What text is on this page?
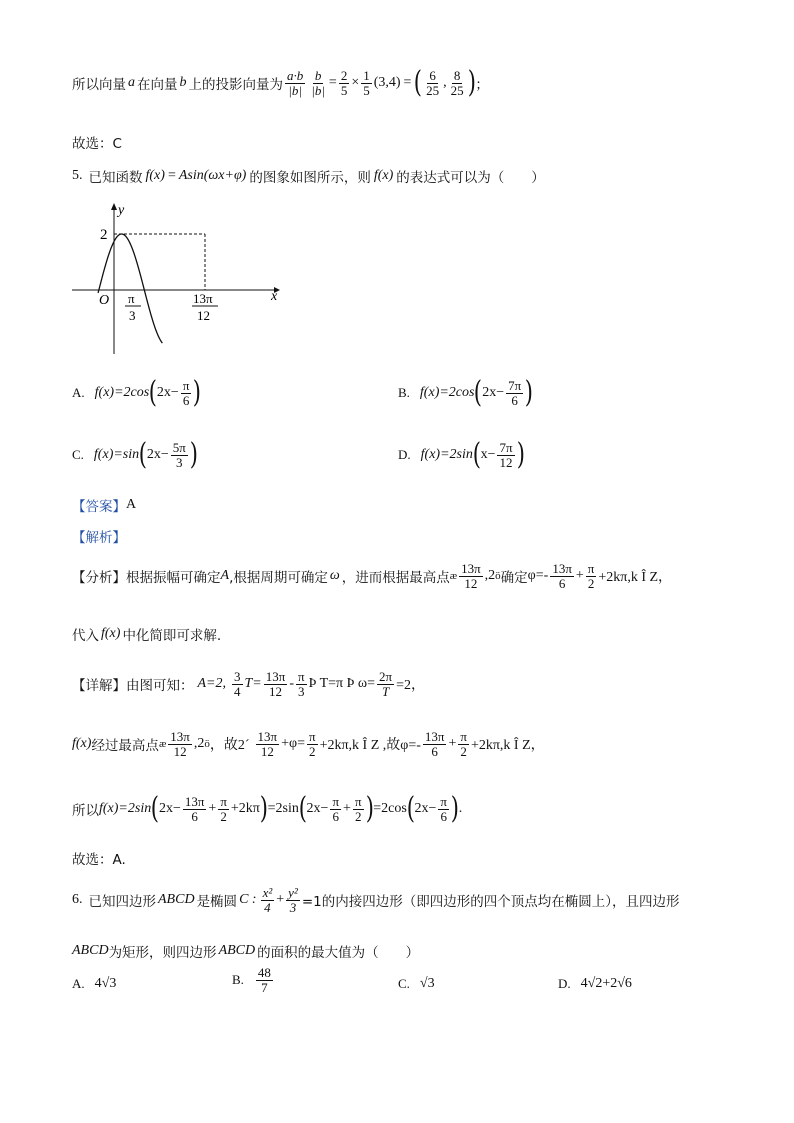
所以向量 a 在向量 b 上的投影向量为 $\frac{a\cdot b}{|b|} \frac{b}{|b|} = \frac{2}{5} \times \frac{1}{5} (3,4)$ = ( $\frac{6}{25}$ , $\frac{8}{25}$ ) ；
故选：C
5. 已知函数 f(x) = Asin(ωx+φ) 的图象如图所示，则 f(x) 的表达式可以为（　　）
y
x
O
2
π
3
13π
12
A. f(x)=2cos ( $2x- \frac{\pi}{6}$ )	B. f(x)=2cos ( $2x- \frac{7\pi}{6}$ )
C. f(x)=sin ( $2x- \frac{5\pi}{3}$ )	D. f(x)=2sin ( $x- \frac{7\pi}{12}$ )
【答案】 A
【解析】
【分析】 根据振幅可确定 A ,根据周期可确定 ω ，进而根据最高点 æ $\frac{13\pi}{12} ,2$ ö 确定 $\varphi=- \frac{13\pi}{6} + \frac{\pi}{2} +2k\pi,k$ Î Z，
代入 f(x) 中化简即可求解.
【详解】 由图可知： A=2, $\frac{3}{4} T= \frac{13\pi}{12} - \frac{\pi}{3}$ Þ T=π Þ $\omega= \frac{2\pi}{T} =2$，
f(x) 经过最高点 æ $\frac{13\pi}{12} ,2$ ö ，故2´ $\frac{13\pi}{12} +\varphi= \frac{\pi}{2} +2k\pi,k$ Î Z ,故$\varphi=- \frac{13\pi}{6} + \frac{\pi}{2} +2k\pi,k$ Î Z，
所以 f(x)=2sin ( $2x- \frac{13\pi}{6} + \frac{\pi}{2} +2k\pi$ ) =2sin ( $2x- \frac{\pi}{6} + \frac{\pi}{2}$ ) =2cos ( $2x- \frac{\pi}{6}$ ) .
故选：A.
6. 已知四边形 ABCD 是椭圆 C : $\frac{\text{x²}}{4} + \frac{\text{y²}}{3} =1$的内接四边形（即四边形的四个顶点均在椭圆上），且四边形
ABCD 为矩形，则四边形 ABCD 的面积的最大值为（　　）
A. 4√3	B. $\frac{48}{7}$	C. √3	D. 4√2+2√6
